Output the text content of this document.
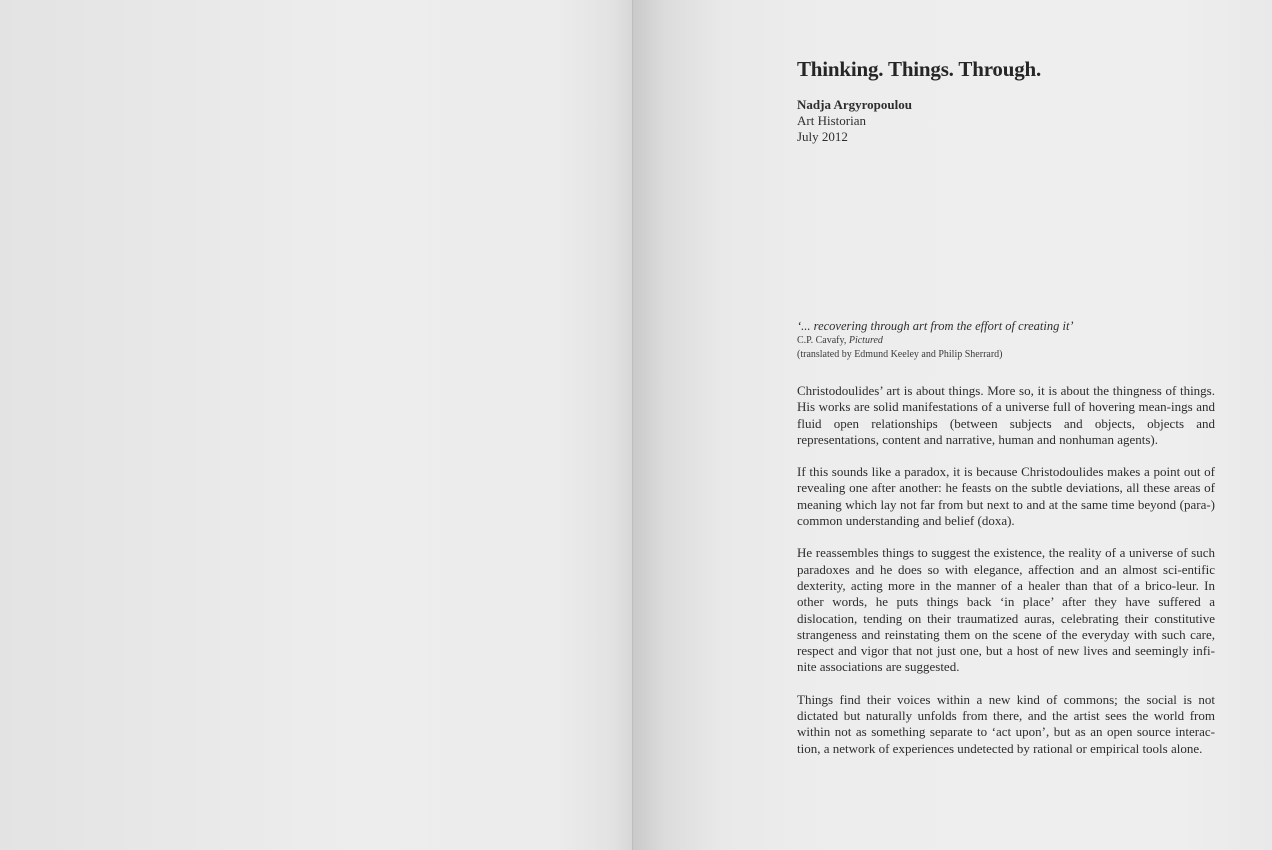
Thinking. Things. Through.
Nadja Argyropoulou
Art Historian
July 2012
‘... recovering through art from the effort of creating it’
C.P. Cavafy, Pictured
(translated by Edmund Keeley and Philip Sherrard)

Christodoulides’ art is about things. More so, it is about the thingness of things. His works are solid manifestations of a universe full of hovering mean-ings and fluid open relationships (between subjects and objects, objects and representations, content and narrative, human and nonhuman agents).

If this sounds like a paradox, it is because Christodoulides makes a point out of revealing one after another: he feasts on the subtle deviations, all these areas of meaning which lay not far from but next to and at the same time beyond (para-) common understanding and belief (doxa).

He reassembles things to suggest the existence, the reality of a universe of such paradoxes and he does so with elegance, affection and an almost sci-entific dexterity, acting more in the manner of a healer than that of a brico-leur. In other words, he puts things back ‘in place’ after they have suffered a dislocation, tending on their traumatized auras, celebrating their constitutive strangeness and reinstating them on the scene of the everyday with such care, respect and vigor that not just one, but a host of new lives and seemingly infi-nite associations are suggested.

Things find their voices within a new kind of commons; the social is not dictated but naturally unfolds from there, and the artist sees the world from within not as something separate to ‘act upon’, but as an open source interac-tion, a network of experiences undetected by rational or empirical tools alone.
